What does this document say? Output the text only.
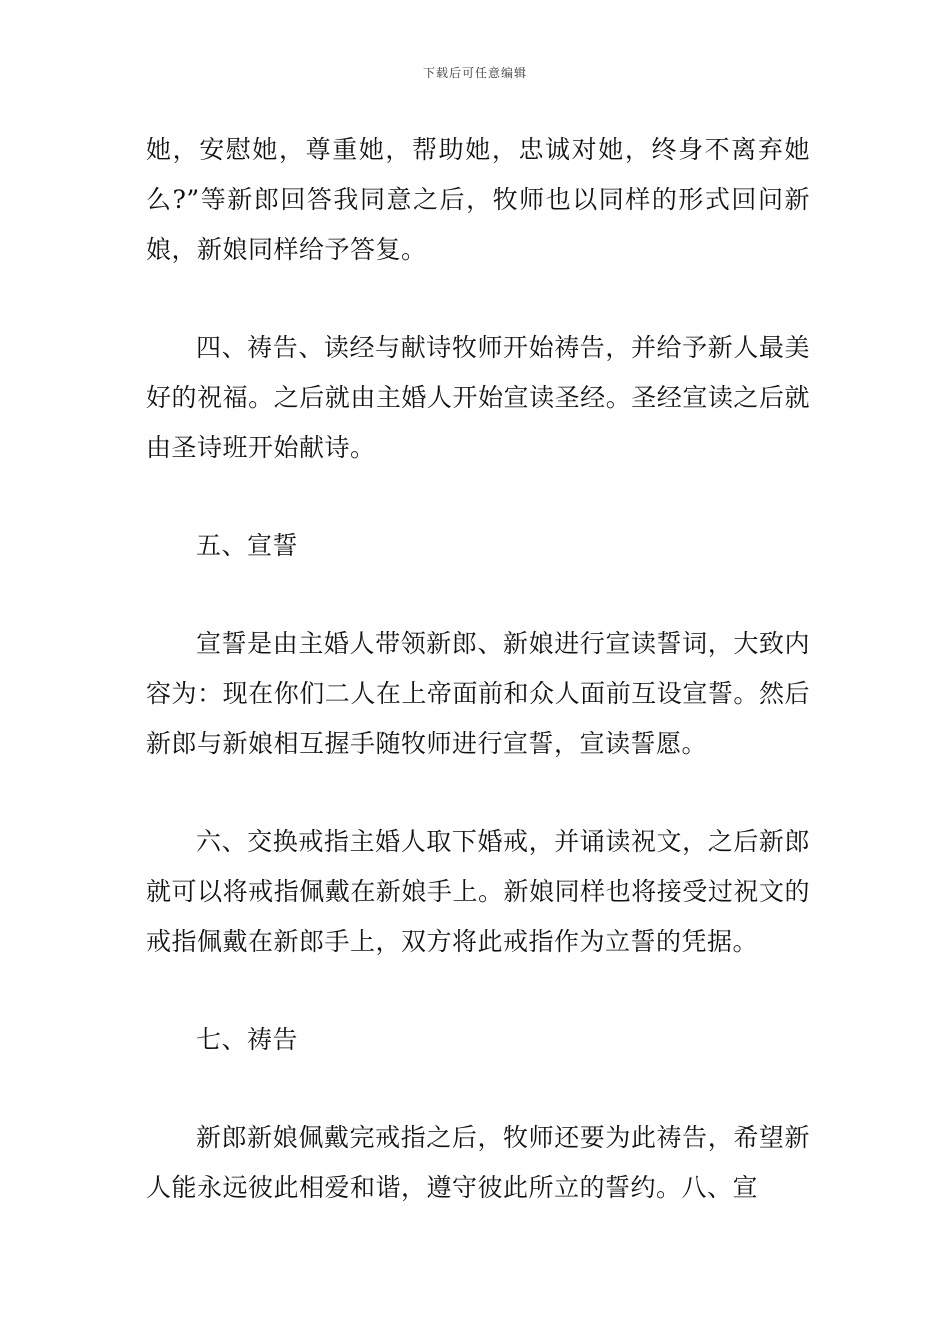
下载后可任意编辑

她，安慰她，尊重她，帮助她，忠诚对她，终身不离弃她么?”等新郎回答我同意之后，牧师也以同样的形式回问新娘，新娘同样给予答复。

四、祷告、读经与献诗牧师开始祷告，并给予新人最美好的祝福。之后就由主婚人开始宣读圣经。圣经宣读之后就由圣诗班开始献诗。

五、宣誓

宣誓是由主婚人带领新郎、新娘进行宣读誓词，大致内容为：现在你们二人在上帝面前和众人面前互设宣誓。然后新郎与新娘相互握手随牧师进行宣誓，宣读誓愿。

六、交换戒指主婚人取下婚戒，并诵读祝文，之后新郎就可以将戒指佩戴在新娘手上。新娘同样也将接受过祝文的戒指佩戴在新郎手上，双方将此戒指作为立誓的凭据。

七、祷告

新郎新娘佩戴完戒指之后，牧师还要为此祷告，希望新人能永远彼此相爱和谐，遵守彼此所立的誓约。八、宣
